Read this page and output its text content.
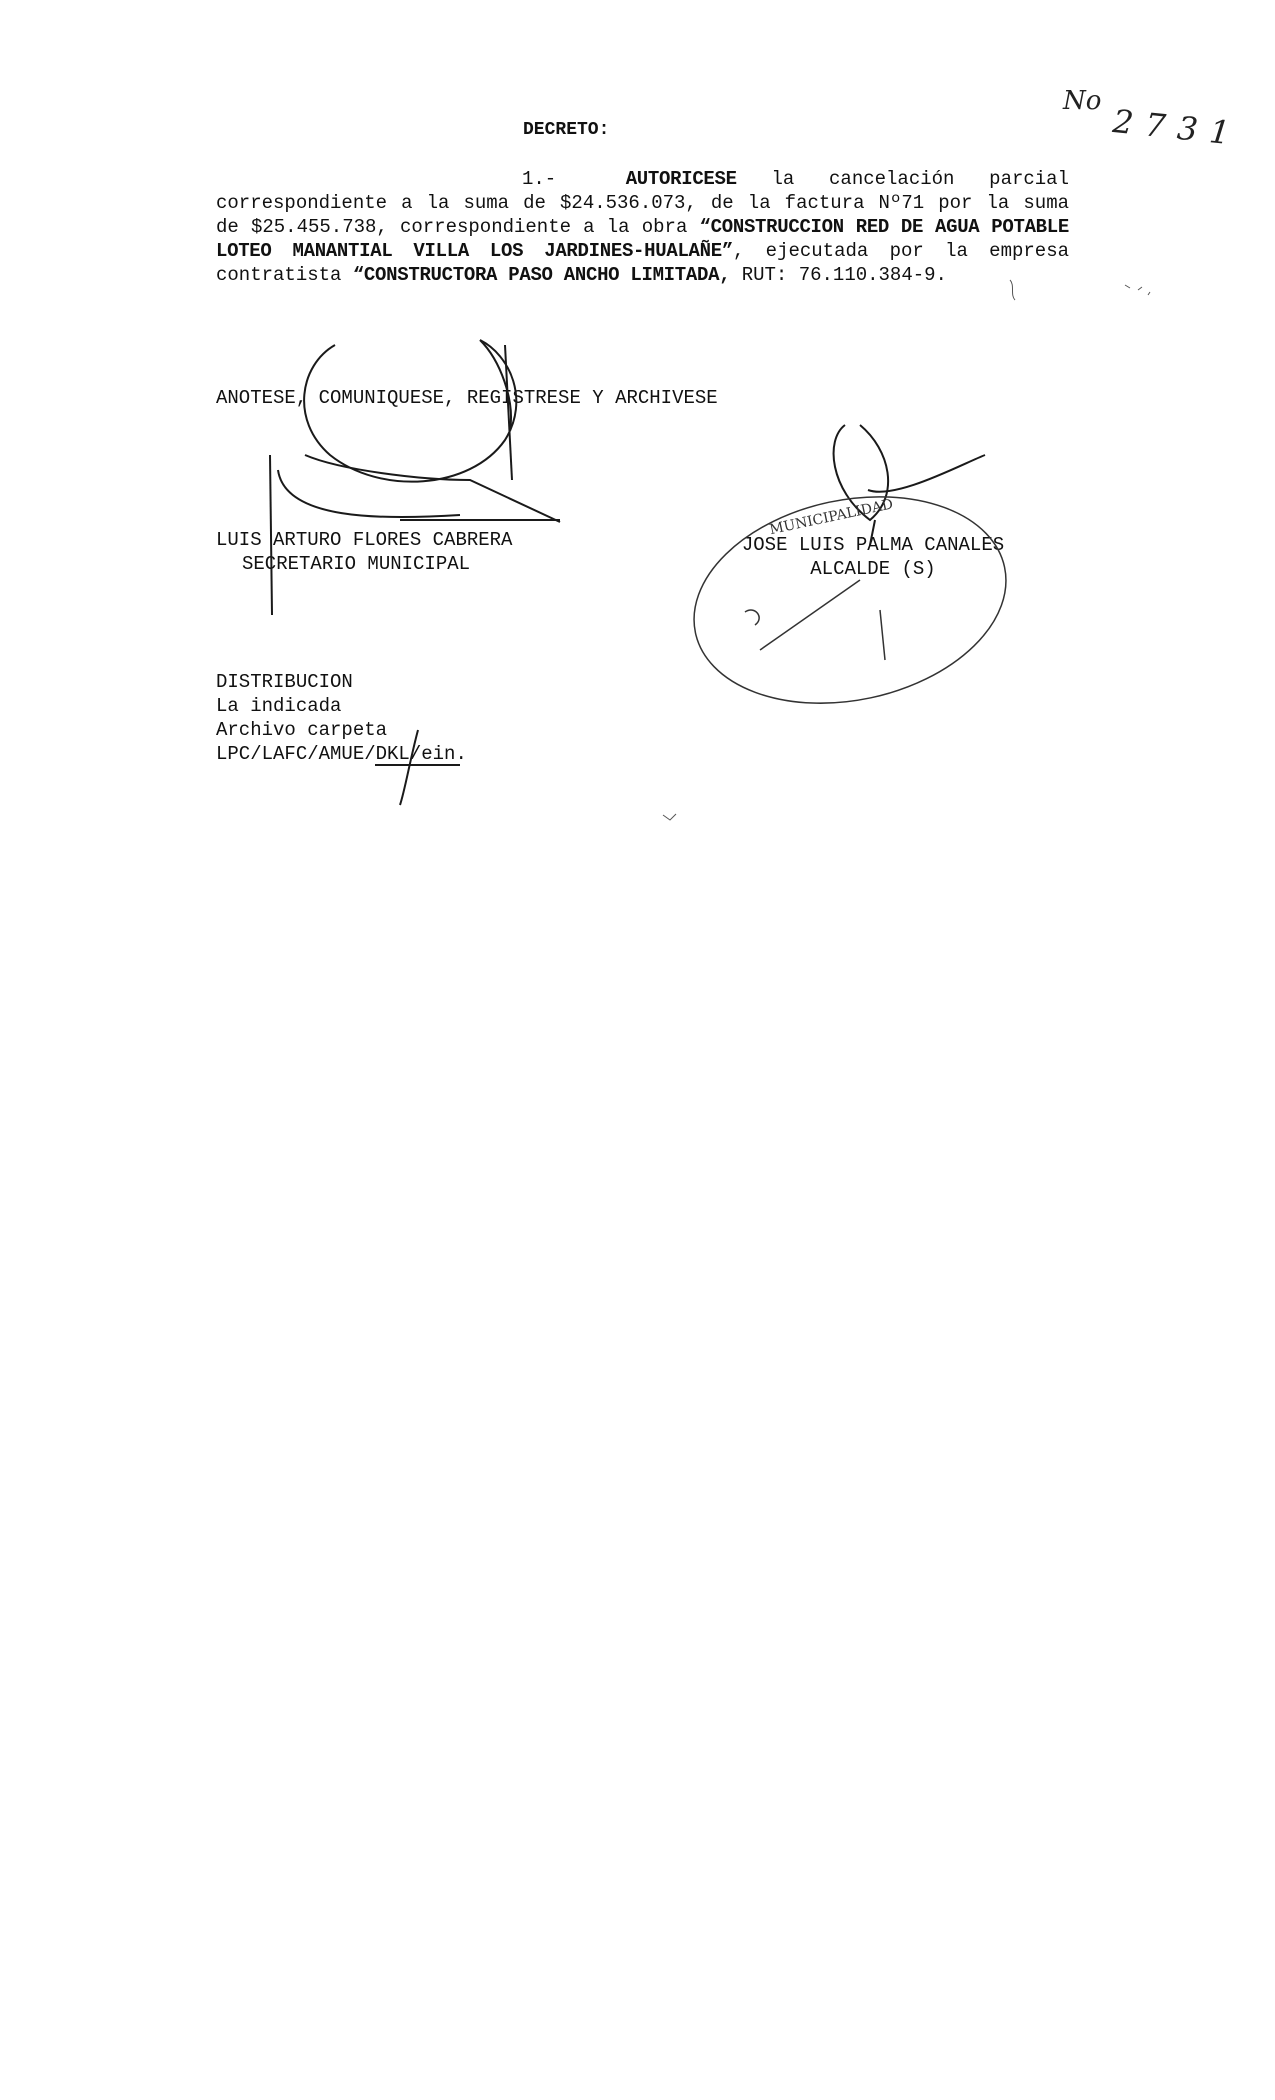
No
2731
DECRETO:
1.-	AUTORICESE la cancelación parcial correspondiente a la suma de $24.536.073, de la factura Nº71 por la suma de $25.455.738, correspondiente a la obra “CONSTRUCCION RED DE AGUA POTABLE LOTEO MANANTIAL VILLA LOS JARDINES-HUALAÑE”, ejecutada por la empresa contratista “CONSTRUCTORA PASO ANCHO LIMITADA, RUT: 76.110.384-9.
ANOTESE, COMUNIQUESE, REGISTRESE Y ARCHIVESE
LUIS ARTURO FLORES CABRERA
SECRETARIO MUNICIPAL
JOSE LUIS PALMA CANALES
ALCALDE (S)
DISTRIBUCION
La indicada
Archivo carpeta
LPC/LAFC/AMUE/DKL/ein.
MUNICIPALIDAD
